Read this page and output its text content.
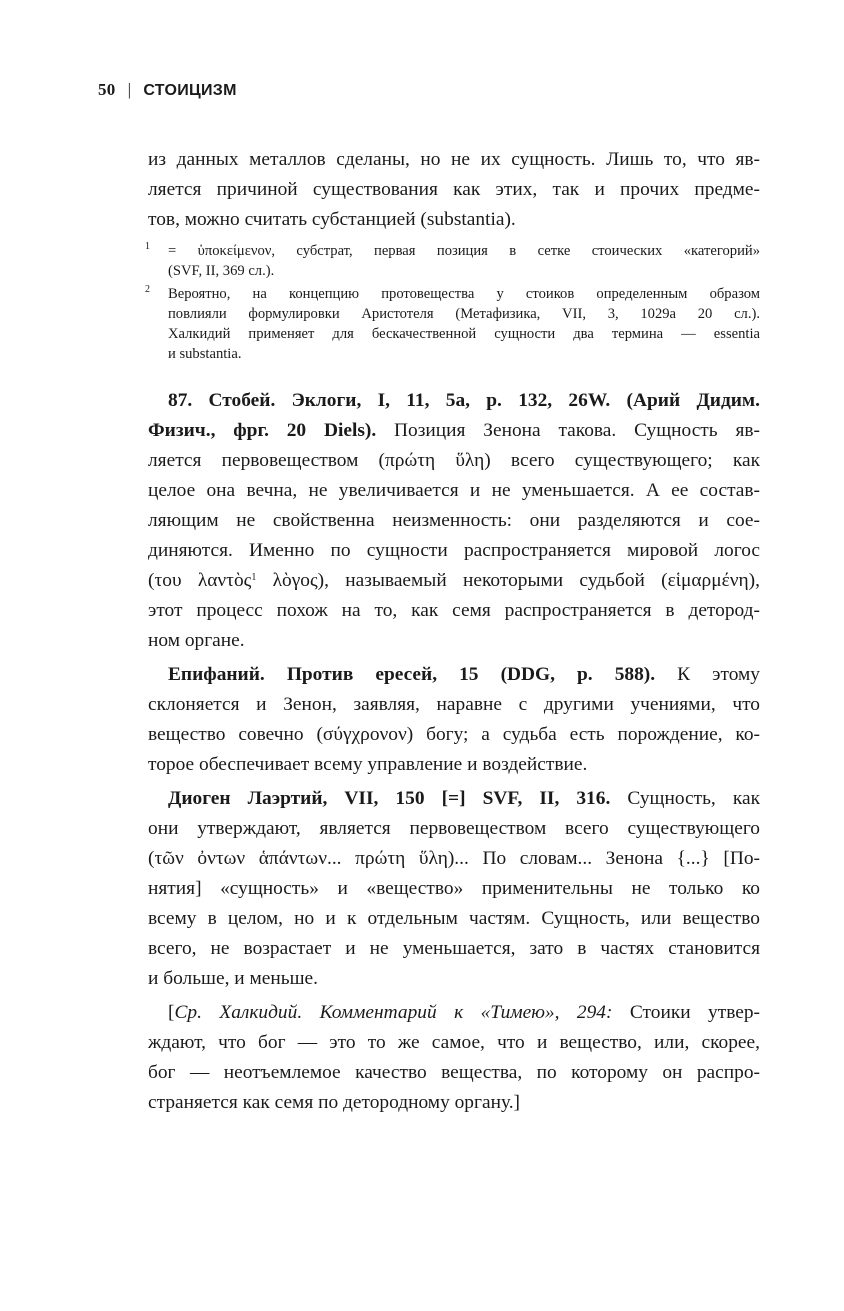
50 | СТОИЦИЗМ
из данных металлов сделаны, но не их сущность. Лишь то, что яв-
ляется причиной существования как этих, так и прочих предме-
тов, можно считать субстанцией (substantia).
1 = ὑποκείμενον, субстрат, первая позиция в сетке стоических «категорий»
(SVF, II, 369 сл.).
2 Вероятно, на концепцию протовещества у стоиков определенным образом
повлияли формулировки Аристотеля (Метафизика, VII, 3, 1029a 20 сл.).
Халкидий применяет для бескачественной сущности два термина — essentia
и substantia.
87. Стобей. Эклоги, I, 11, 5a, p. 132, 26W. (Арий Дидим.
Физич., фрг. 20 Diels). Позиция Зенона такова. Сущность яв-
ляется первовеществом (πρώτη ὕλη) всего существующего; как
целое она вечна, не увеличивается и не уменьшается. А ее состав-
ляющим не свойственна неизменность: они разделяются и сое-
диняются. Именно по сущности распространяется мировой логос
(του λαντὸς$^1$ λὸγος), называемый некоторыми судьбой (εἱμαρμένη),
этот процесс похож на то, как семя распространяется в детород-
ном органе.
Епифаний. Против ересей, 15 (DDG, p. 588). К этому
склоняется и Зенон, заявляя, наравне с другими учениями, что
вещество совечно (σύγχρονον) богу; а судьба есть порождение, ко-
торое обеспечивает всему управление и воздействие.
Диоген Лаэртий, VII, 150 [=] SVF, II, 316. Сущность, как
они утверждают, является первовеществом всего существующего
(τῶν ὀντων ἁπάντων... πρώτη ὕλη)... По словам... Зенона {...} [По-
нятия] «сущность» и «вещество» применительны не только ко
всему в целом, но и к отдельным частям. Сущность, или вещество
всего, не возрастает и не уменьшается, зато в частях становится
и больше, и меньше.
[Ср. Халкидий. Комментарий к «Тимею», 294: Стоики утвер-
ждают, что бог — это то же самое, что и вещество, или, скорее,
бог — неотъемлемое качество вещества, по которому он распро-
страняется как семя по детородному органу.]
